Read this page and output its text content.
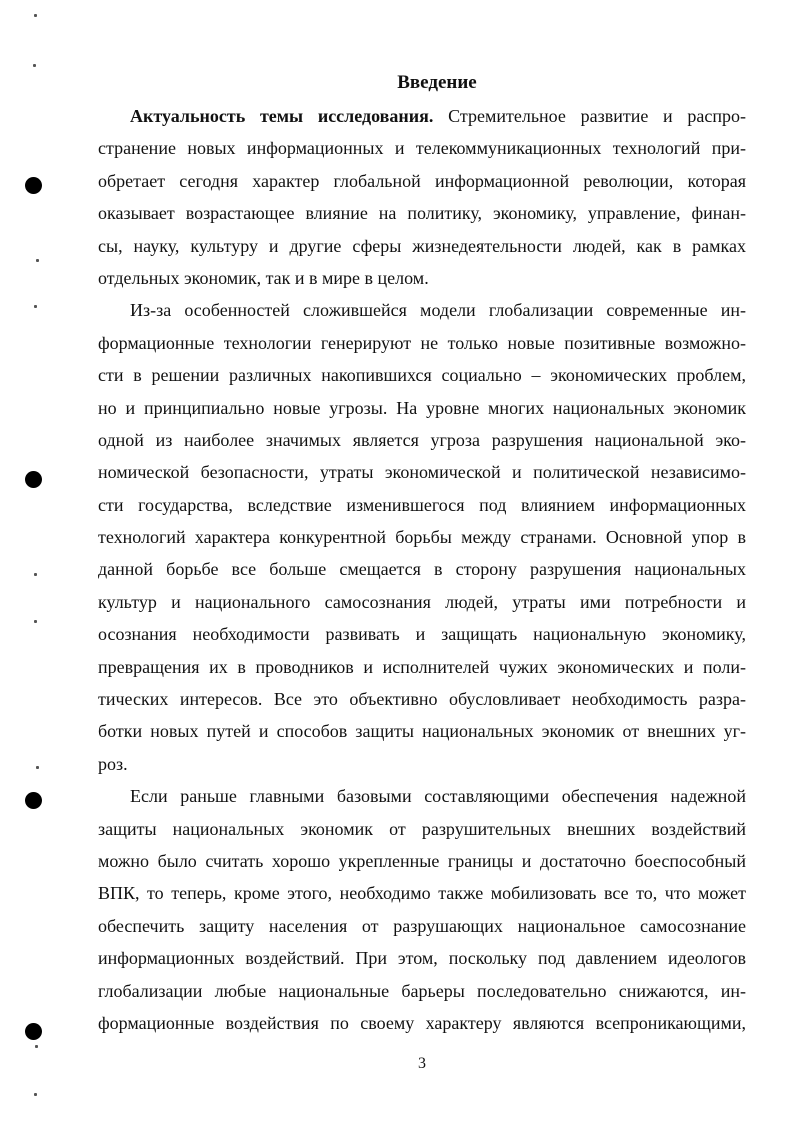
Введение
Актуальность темы исследования. Стремительное развитие и распро-
странение новых информационных и телекоммуникационных технологий при-
обретает сегодня характер глобальной информационной революции, которая
оказывает возрастающее влияние на политику, экономику, управление, финан-
сы, науку, культуру и другие сферы жизнедеятельности людей, как в рамках
отдельных экономик, так и в мире в целом.
Из-за особенностей сложившейся модели глобализации современные ин-
формационные технологии генерируют не только новые позитивные возможно-
сти в решении различных накопившихся социально – экономических проблем,
но и принципиально новые угрозы. На уровне многих национальных экономик
одной из наиболее значимых является угроза разрушения национальной эко-
номической безопасности, утраты экономической и политической независимо-
сти государства, вследствие изменившегося под влиянием информационных
технологий характера конкурентной борьбы между странами. Основной упор в
данной борьбе все больше смещается в сторону разрушения национальных
культур и национального самосознания людей, утраты ими потребности и
осознания необходимости развивать и защищать национальную экономику,
превращения их в проводников и исполнителей чужих экономических и поли-
тических интересов. Все это объективно обусловливает необходимость разра-
ботки новых путей и способов защиты национальных экономик от внешних уг-
роз.
Если раньше главными базовыми составляющими обеспечения надежной
защиты национальных экономик от разрушительных внешних воздействий
можно было считать хорошо укрепленные границы и достаточно боеспособный
ВПК, то теперь, кроме этого, необходимо также мобилизовать все то, что может
обеспечить защиту населения от разрушающих национальное самосознание
информационных воздействий. При этом, поскольку под давлением идеологов
глобализации любые национальные барьеры последовательно снижаются, ин-
формационные воздействия по своему характеру являются всепроникающими,
3
